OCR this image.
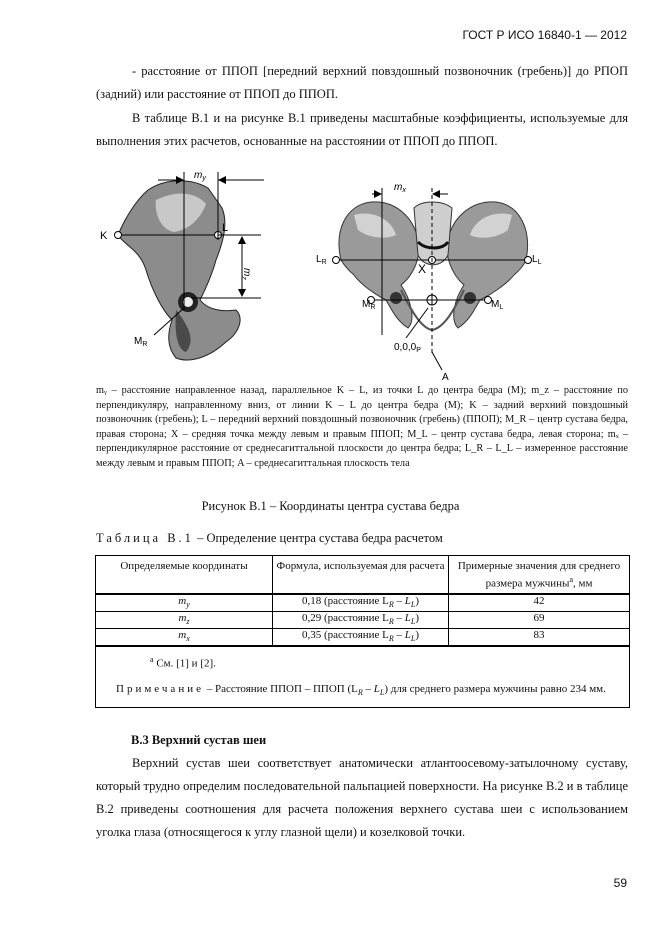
ГОСТ Р ИСО 16840-1 — 2012

- расстояние от ППОП [передний верхний повздошный позвоночник (гребень)] до РПОП (задний) или расстояние от ППОП до ППОП.

В таблице В.1 и на рисунке В.1 приведены масштабные коэффициенты, используемые для выполнения этих расчетов, основанные на расстоянии от ППОП до ППОП.

$m_y$
K
L
$m_z$
$M_R$
$m_x$
$L_R$	$L_L$
X
$M_R$	$M_L$
$0,0,0_P$
A
mᵧ – расстояние направленное назад, параллельное K – L, из точки L до центра бедра (M); m_z – расстояние по перпендикуляру, направленному вниз, от линии K – L до центра бедра (M); K – задний верхний повздошный позвоночник (гребень); L – передний верхний повздошный позвоночник (гребень) (ППОП); M_R – центр сустава бедра, правая сторона; X – средняя точка между левым и правым ППОП; M_L – центр сустава бедра, левая сторона; mₓ – перпендикулярное расстояние от среднесагиттальной плоскости до центра бедра; L_R – L_L – измеренное расстояние между левым и правым ППОП; A – среднесагиттальная плоскость тела
Рисунок В.1 – Координаты центра сустава бедра
Таблица В.1 – Определение центра сустава бедра расчетом
Определяемые координаты	Формула, используемая для расчета	Примерные значения для среднего размера мужчины$^a$, мм
$m_y$	0,18 (расстояние $L_R - L_L$)	42
$m_z$	0,29 (расстояние $L_R - L_L$)	69
$m_x$	0,35 (расстояние $L_R - L_L$)	83

$^a$ См. [1] и [2].
Примечание – Расстояние ППОП – ППОП $(L_R - L_L)$ для среднего размера мужчины равно 234 мм.		
В.3 Верхний сустав шеи

Верхний сустав шеи соответствует анатомически атлантоосевому-затылочному суставу, который трудно определим последовательной пальпацией поверхности. На рисунке В.2 и в таблице В.2 приведены соотношения для расчета положения верхнего сустава шеи с использованием уголка глаза (относящегося к углу глазной щели) и козелковой точки.

59
